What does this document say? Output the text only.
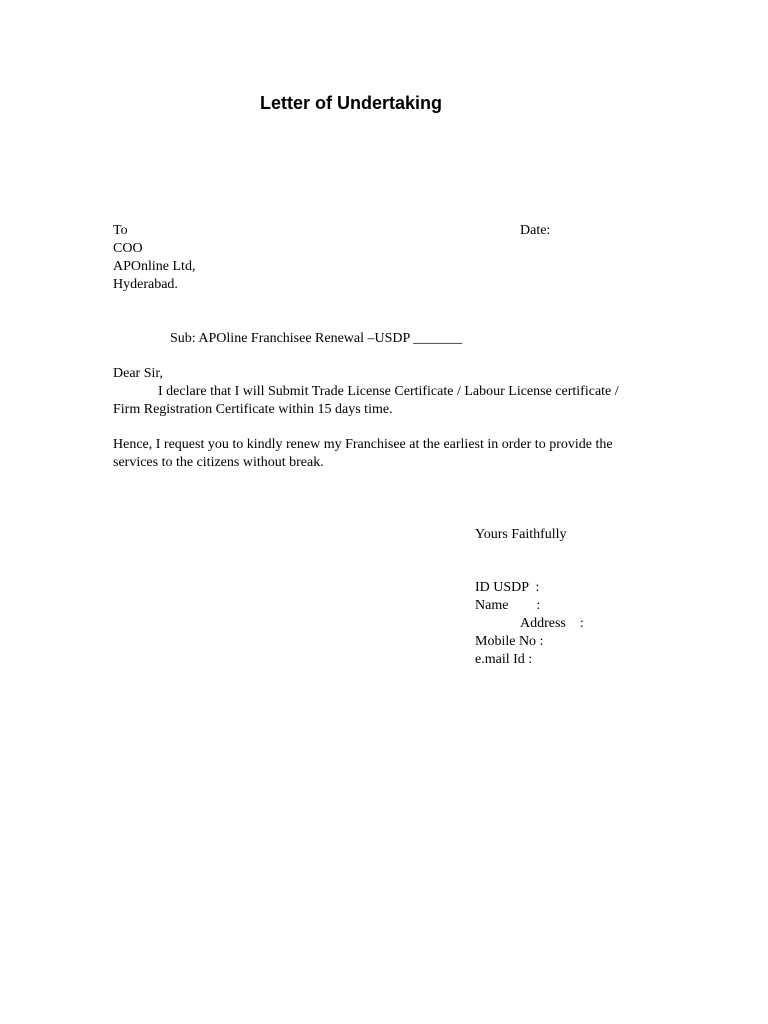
Letter of Undertaking
To	Date:
COO
APOnline Ltd,
Hyderabad.
Sub: APOline Franchisee Renewal –USDP _______
Dear Sir,
I declare that I will Submit Trade License Certificate / Labour License certificate /
Firm Registration Certificate within 15 days time.
Hence, I request you to kindly renew my Franchisee at the earliest in order to provide the
services to the citizens without break.
Yours Faithfully
ID USDP  :
Name        :
Address    :
Mobile No :
e.mail Id :
